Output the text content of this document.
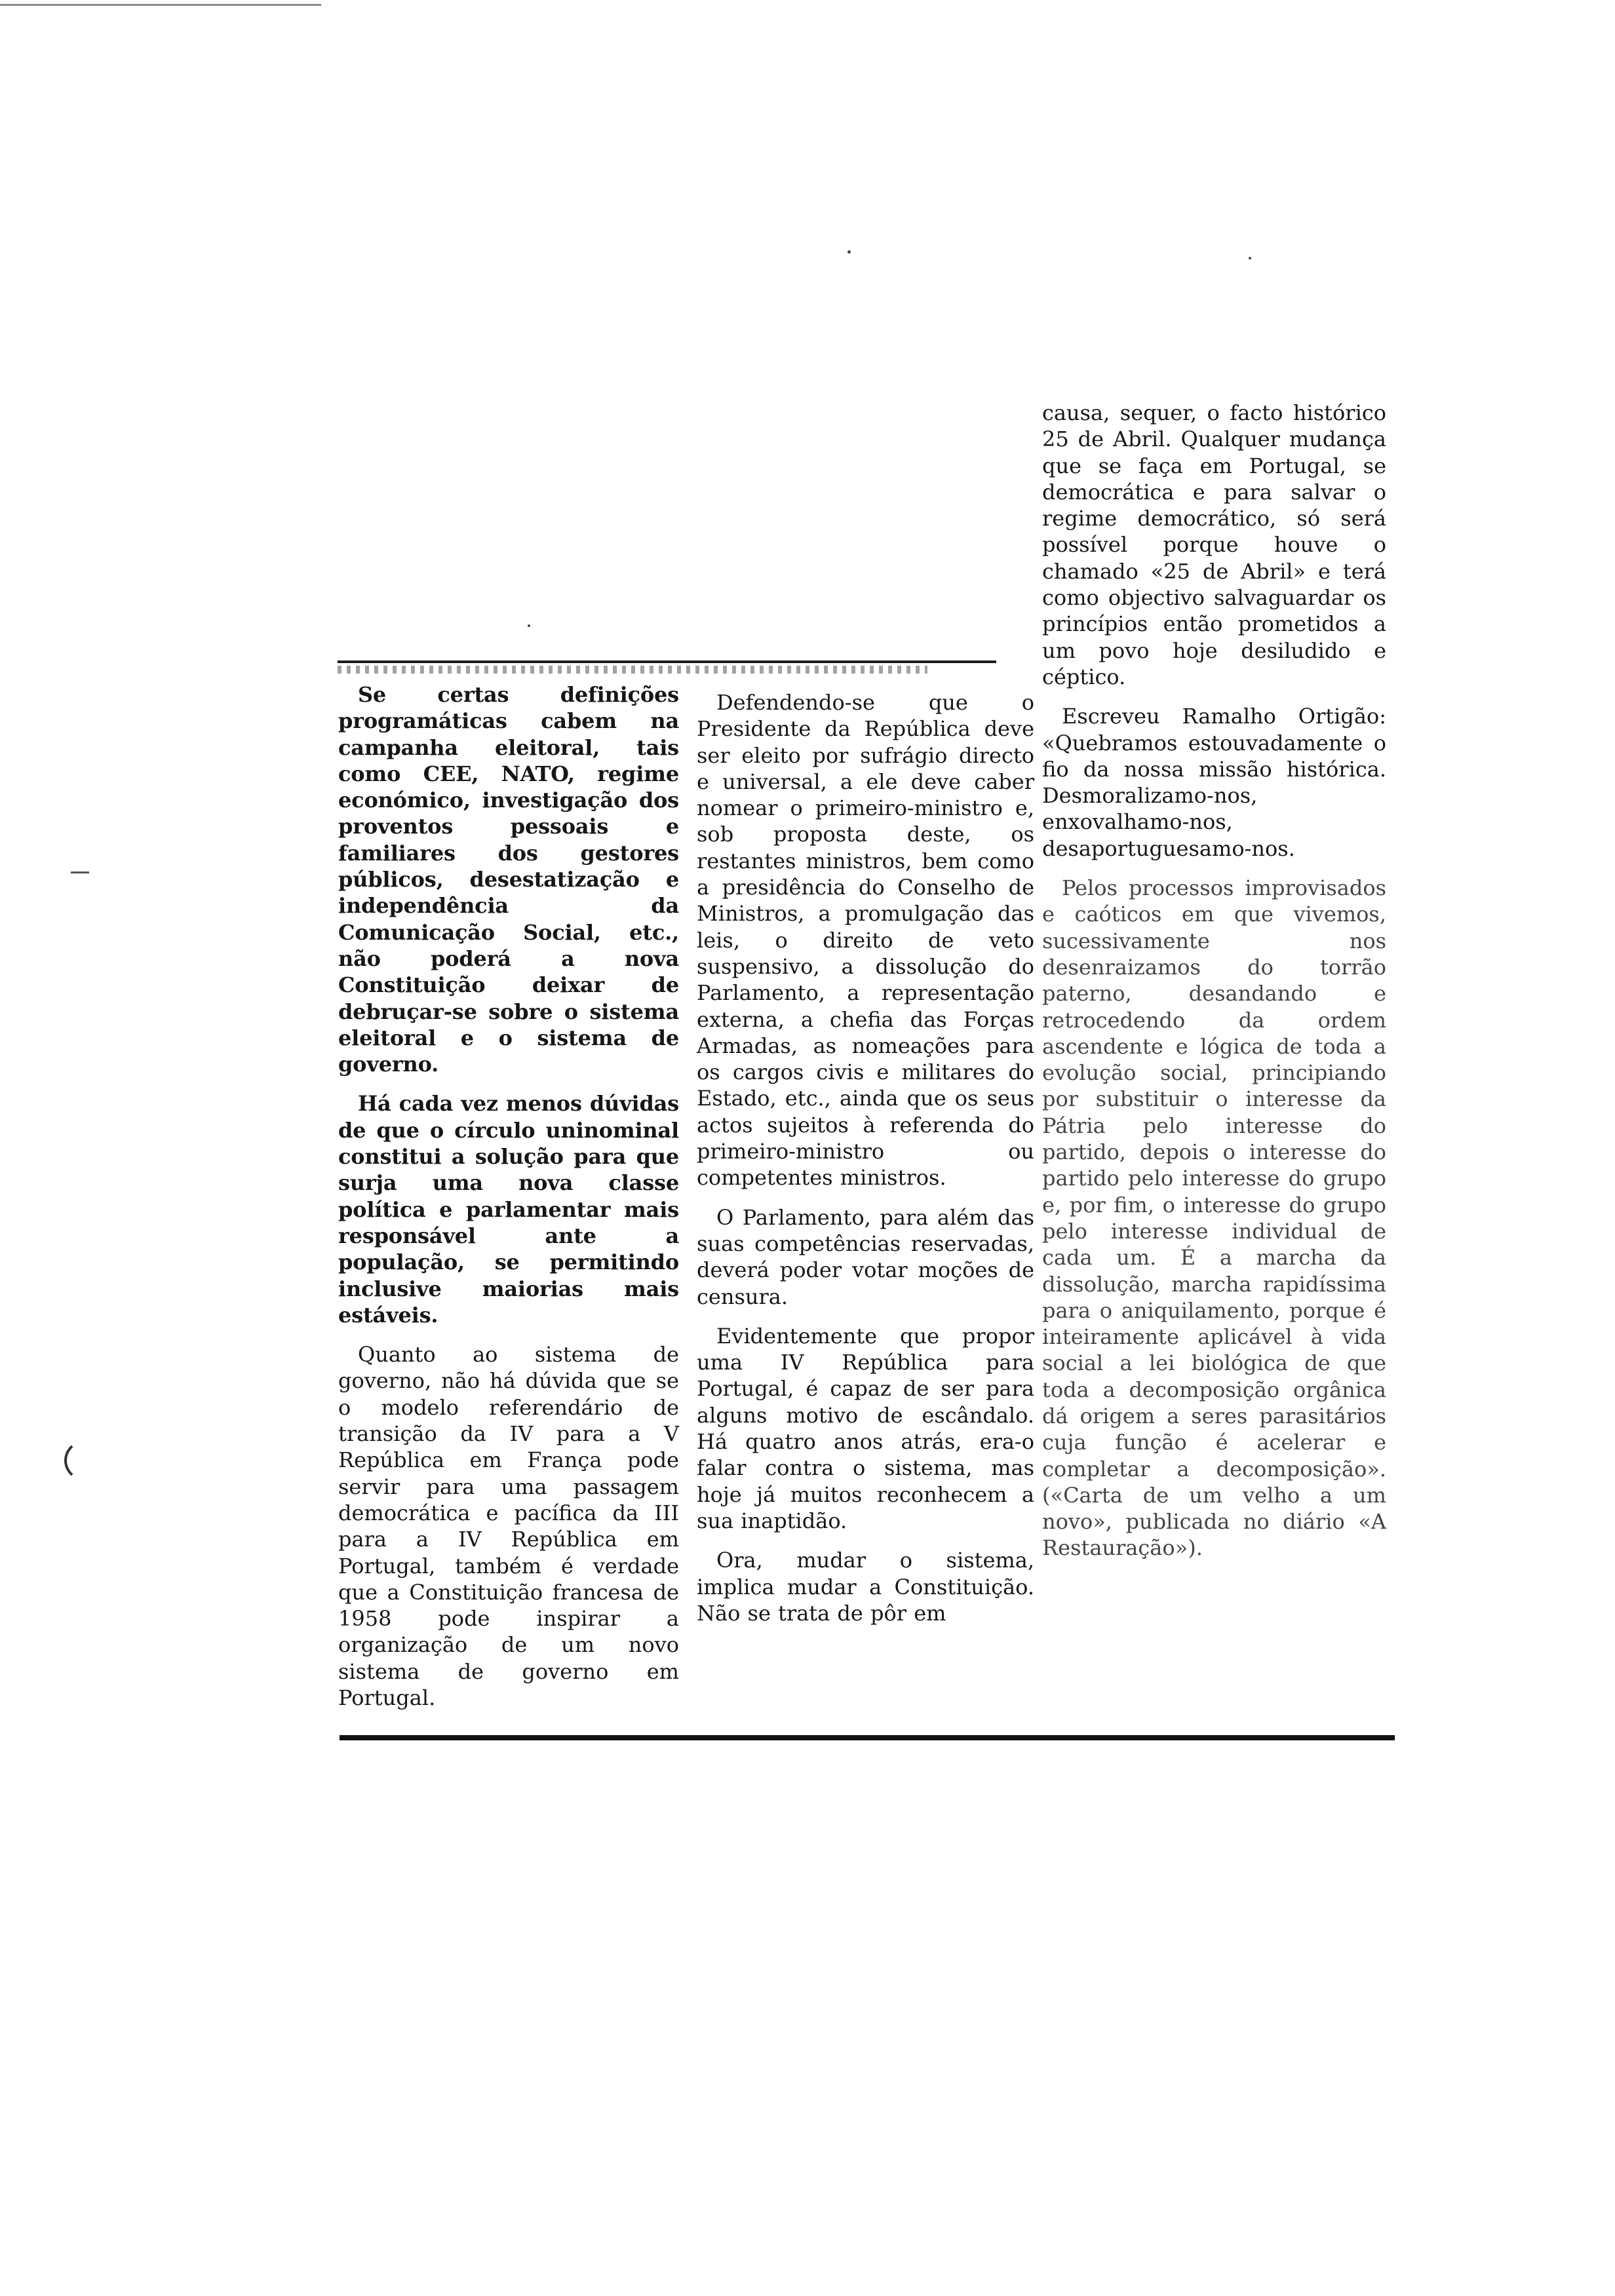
Se certas definições programáticas cabem na campanha eleitoral, tais como CEE, NATO, regime económico, investigação dos proventos pessoais e familiares dos gestores públicos, desestatização e independência da Comunicação Social, etc., não poderá a nova Constituição deixar de debruçar-se sobre o sistema eleitoral e o sistema de governo.

Há cada vez menos dúvidas de que o círculo uninominal constitui a solução para que surja uma nova classe política e parlamentar mais responsável ante a população, se permitindo inclusive maiorias mais estáveis.

Quanto ao sistema de governo, não há dúvida que se o modelo referendário de transição da IV para a V República em França pode servir para uma passagem democrática e pacífica da III para a IV República em Portugal, também é verdade que a Constituição francesa de 1958 pode inspirar a organização de um novo sistema de governo em Portugal.

Defendendo-se que o Presidente da República deve ser eleito por sufrágio directo e universal, a ele deve caber nomear o primeiro-ministro e, sob proposta deste, os restantes ministros, bem como a presidência do Conselho de Ministros, a promulgação das leis, o direito de veto suspensivo, a dissolução do Parlamento, a representação externa, a chefia das Forças Armadas, as nomeações para os cargos civis e militares do Estado, etc., ainda que os seus actos sujeitos à referenda do primeiro-ministro ou competentes ministros.

O Parlamento, para além das suas competências reservadas, deverá poder votar moções de censura.

Evidentemente que propor uma IV República para Portugal, é capaz de ser para alguns motivo de escândalo. Há quatro anos atrás, era-o falar contra o sistema, mas hoje já muitos reconhecem a sua inaptidão.

Ora, mudar o sistema, implica mudar a Constituição. Não se trata de pôr em

causa, sequer, o facto histórico 25 de Abril. Qualquer mudança que se faça em Portugal, se democrática e para salvar o regime democrático, só será possível porque houve o chamado «25 de Abril» e terá como objectivo salvaguardar os princípios então prometidos a um povo hoje desiludido e céptico.

Escreveu Ramalho Ortigão: «Quebramos estouvadamente o fio da nossa missão histórica. Desmoralizamo-nos, enxovalhamo-nos, desaportuguesamo-nos.

Pelos processos improvisados e caóticos em que vivemos, sucessivamente nos desenraizamos do torrão paterno, desandando e retrocedendo da ordem ascendente e lógica de toda a evolução social, principiando por substituir o interesse da Pátria pelo interesse do partido, depois o interesse do partido pelo interesse do grupo e, por fim, o interesse do grupo pelo interesse individual de cada um. É a marcha da dissolução, marcha rapidíssima para o aniquilamento, porque é inteiramente aplicável à vida social a lei biológica de que toda a decomposição orgânica dá origem a seres parasitários cuja função é acelerar e completar a decomposição». («Carta de um velho a um novo», publicada no diário «A Restauração»).
